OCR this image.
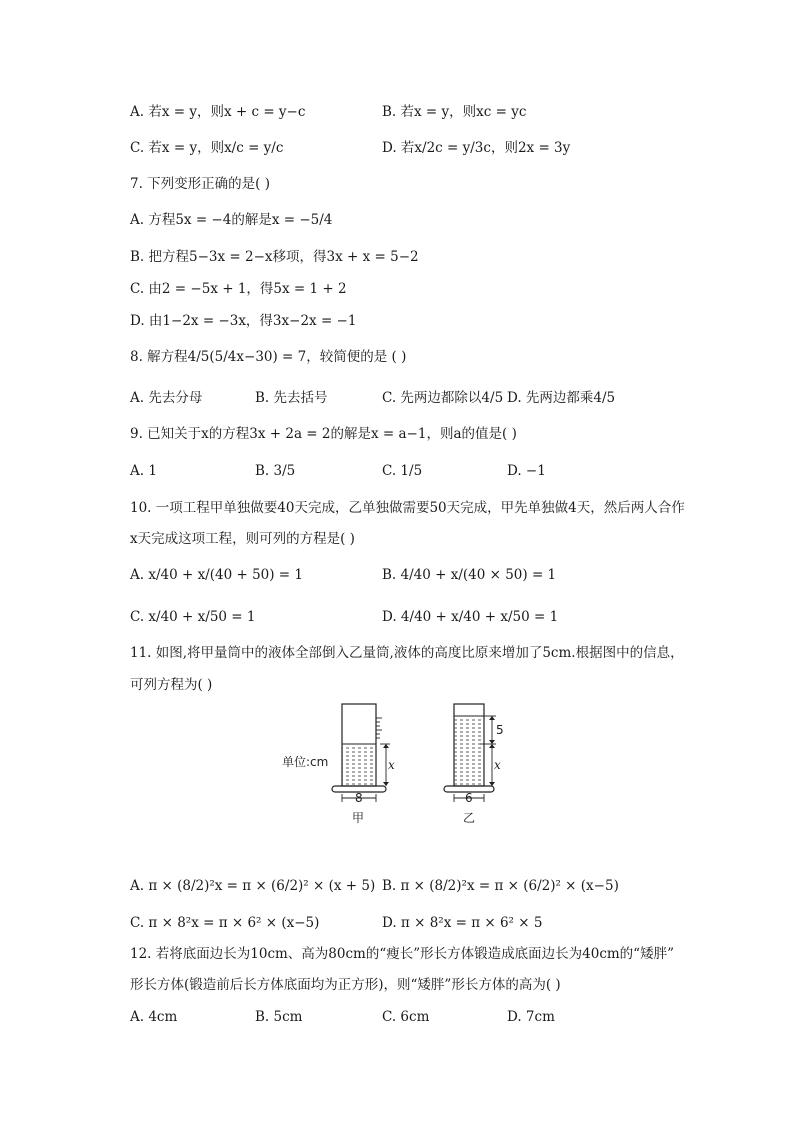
A. 若x = y，则x + c = y−c	B. 若x = y，则xc = yc
C. 若x = y，则x/c = y/c	D. 若x/2c = y/3c，则2x = 3y
7. 下列变形正确的是( )
A. 方程5x = −4的解是x = −5/4
B. 把方程5−3x = 2−x移项，得3x + x = 5−2
C. 由2 = −5x + 1，得5x = 1 + 2
D. 由1−2x = −3x，得3x−2x = −1
8. 解方程4/5(5/4x−30) = 7，较简便的是 ( )
A. 先去分母	B. 先去括号	C. 先两边都除以4/5 D. 先两边都乘4/5
9. 已知关于x的方程3x + 2a = 2的解是x = a−1，则a的值是( )
A. 1	B. 3/5	C. 1/5	D. −1
10. 一项工程甲单独做要40天完成，乙单独做需要50天完成，甲先单独做4天，然后两人合作
x天完成这项工程，则可列的方程是( )
A. x/40 + x/(40 + 50) = 1	B. 4/40 + x/(40 × 50) = 1
C. x/40 + x/50 = 1	D. 4/40 + x/40 + x/50 = 1
11. 如图,将甲量筒中的液体全部倒入乙量筒,液体的高度比原来增加了5cm.根据图中的信息，
可列方程为( )
单位:cm	x
8
甲
5
x
6
乙
A. π × (8/2)²x = π × (6/2)² × (x + 5) B. π × (8/2)²x = π × (6/2)² × (x−5)
C. π × 8²x = π × 6² × (x−5)	D. π × 8²x = π × 6² × 5
12. 若将底面边长为10cm、高为80cm的“瘦长”形长方体锻造成底面边长为40cm的“矮胖”
形长方体(锻造前后长方体底面均为正方形)，则“矮胖”形长方体的高为( )
A. 4cm	B. 5cm	C. 6cm	D. 7cm
